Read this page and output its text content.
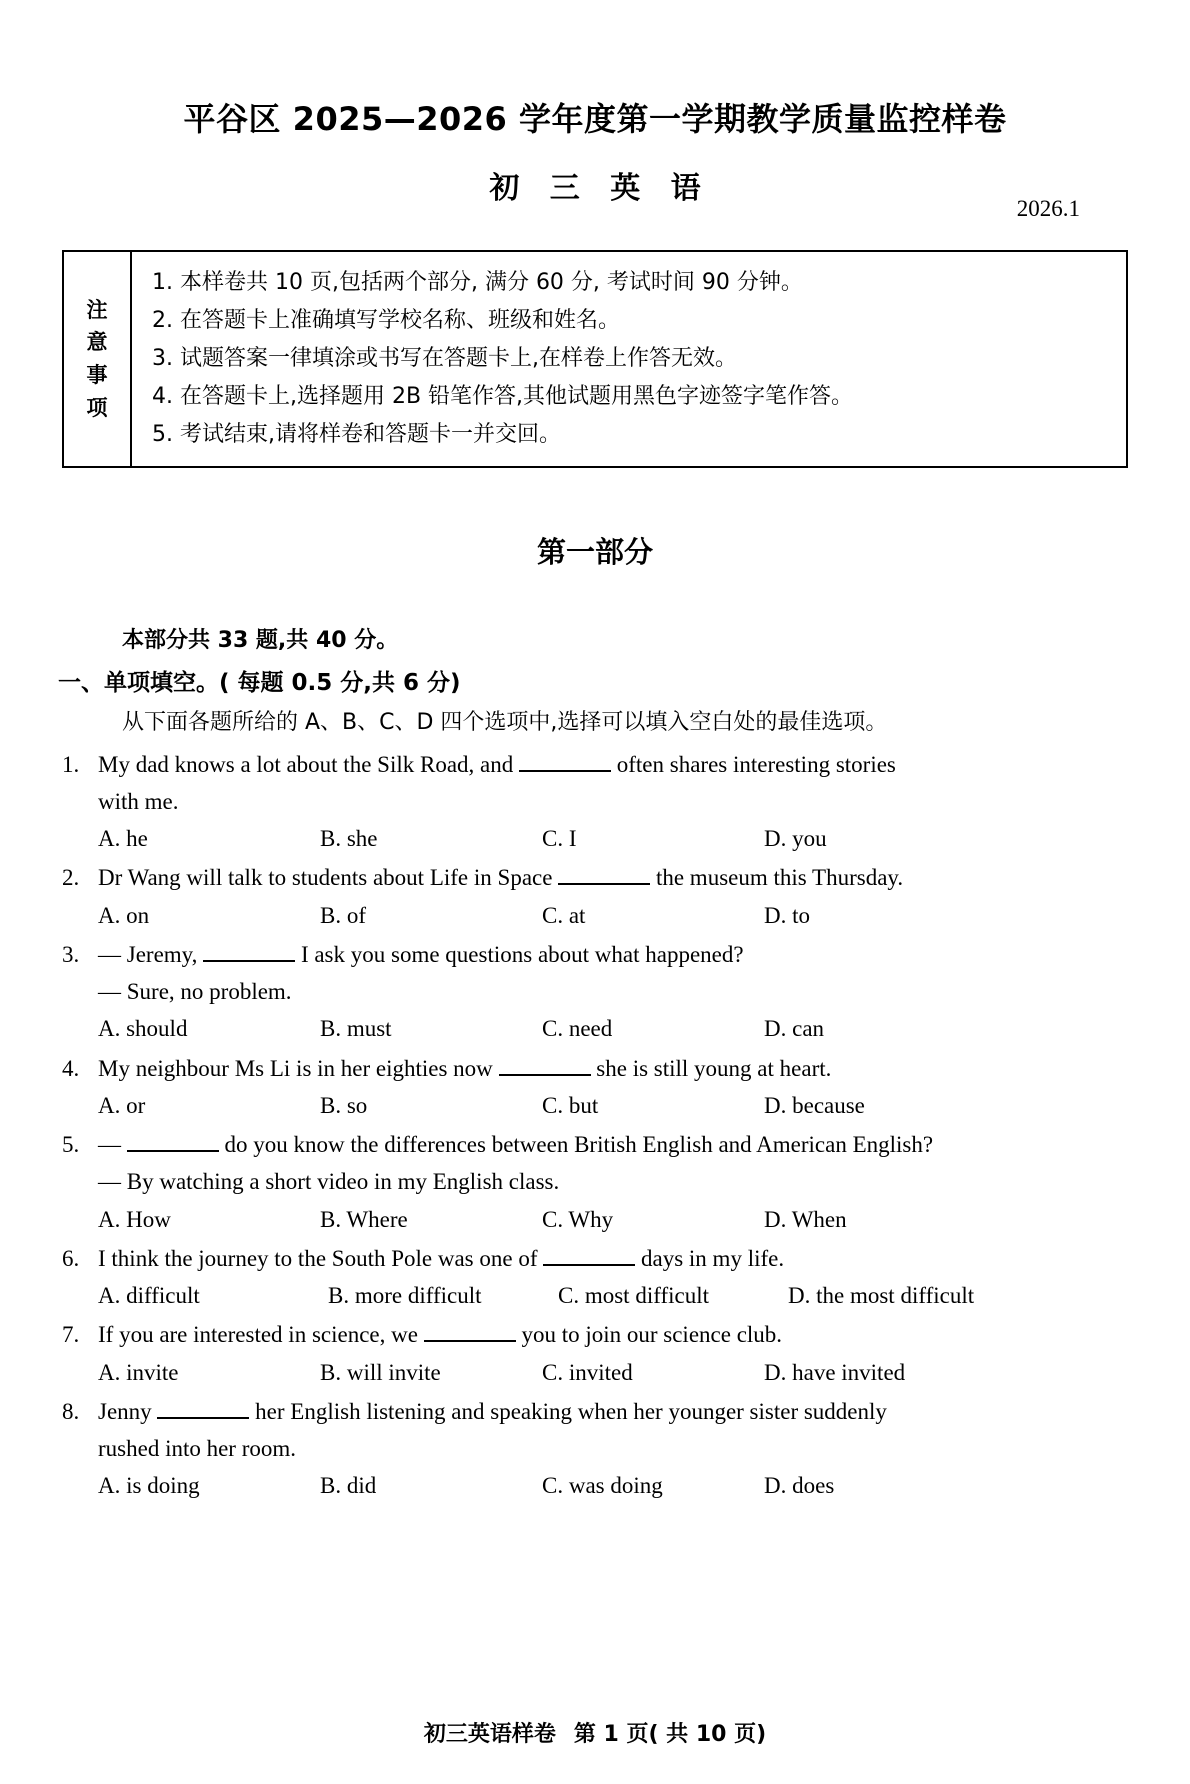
平谷区 2025—2026 学年度第一学期教学质量监控样卷
初 三 英 语
2026.1
注
意
事
项
1. 本样卷共 10 页,包括两个部分, 满分 60 分, 考试时间 90 分钟。
2. 在答题卡上准确填写学校名称、班级和姓名。
3. 试题答案一律填涂或书写在答题卡上,在样卷上作答无效。
4. 在答题卡上,选择题用 2B 铅笔作答,其他试题用黑色字迹签字笔作答。
5. 考试结束,请将样卷和答题卡一并交回。
第一部分
本部分共 33 题,共 40 分。
一、单项填空。( 每题 0.5 分,共 6 分)
从下面各题所给的 A、B、C、D 四个选项中,选择可以填入空白处的最佳选项。
1. My dad knows a lot about the Silk Road, and	often shares interesting stories
with me.
A. he	B. she	C. I	D. you
2. Dr Wang will talk to students about Life in Space	the museum this Thursday.
A. on	B. of	C. at	D. to
3. — Jeremy,	I ask you some questions about what happened?
— Sure, no problem.
A. should	B. must	C. need	D. can
4. My neighbour Ms Li is in her eighties now	she is still young at heart.
A. or	B. so	C. but	D. because
5. —	do you know the differences between British English and American English?
— By watching a short video in my English class.
A. How	B. Where	C. Why	D. When
6. I think the journey to the South Pole was one of	days in my life.
A. difficult	B. more difficult	C. most difficult	D. the most difficult
7. If you are interested in science, we	you to join our science club.
A. invite	B. will invite	C. invited	D. have invited
8. Jenny	her English listening and speaking when her younger sister suddenly
rushed into her room.
A. is doing	B. did	C. was doing	D. does
初三英语样卷 第 1 页( 共 10 页)
